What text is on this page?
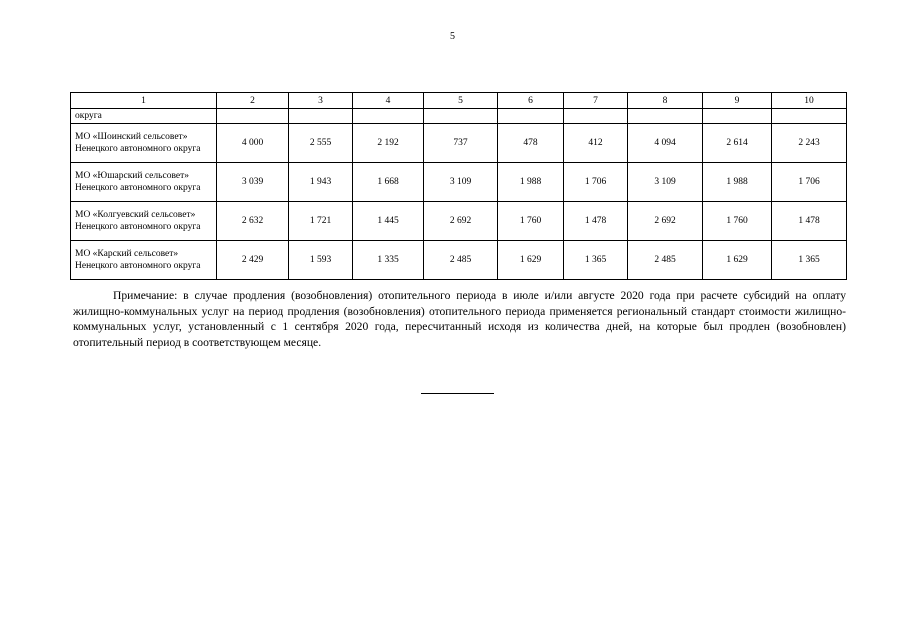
5
1	2	3	4	5	6	7	8	9	10
округа									
МО «Шоинский сельсовет» Ненецкого автономного округа	4 000	2 555	2 192	737	478	412	4 094	2 614	2 243
МО «Юшарский сельсовет» Ненецкого автономного округа	3 039	1 943	1 668	3 109	1 988	1 706	3 109	1 988	1 706
МО «Колгуевский сельсовет» Ненецкого автономного округа	2 632	1 721	1 445	2 692	1 760	1 478	2 692	1 760	1 478
МО «Карский сельсовет» Ненецкого автономного округа	2 429	1 593	1 335	2 485	1 629	1 365	2 485	1 629	1 365

Примечание: в случае продления (возобновления) отопительного периода в июле и/или августе 2020 года при расчете субсидий на оплату жилищно-коммунальных услуг на период продления (возобновления) отопительного периода применяется региональный стандарт стоимости жилищно-коммунальных услуг, установленный с 1 сентября 2020 года, пересчитанный исходя из количества дней, на которые был продлен (возобновлен) отопительный период в соответствующем месяце.
